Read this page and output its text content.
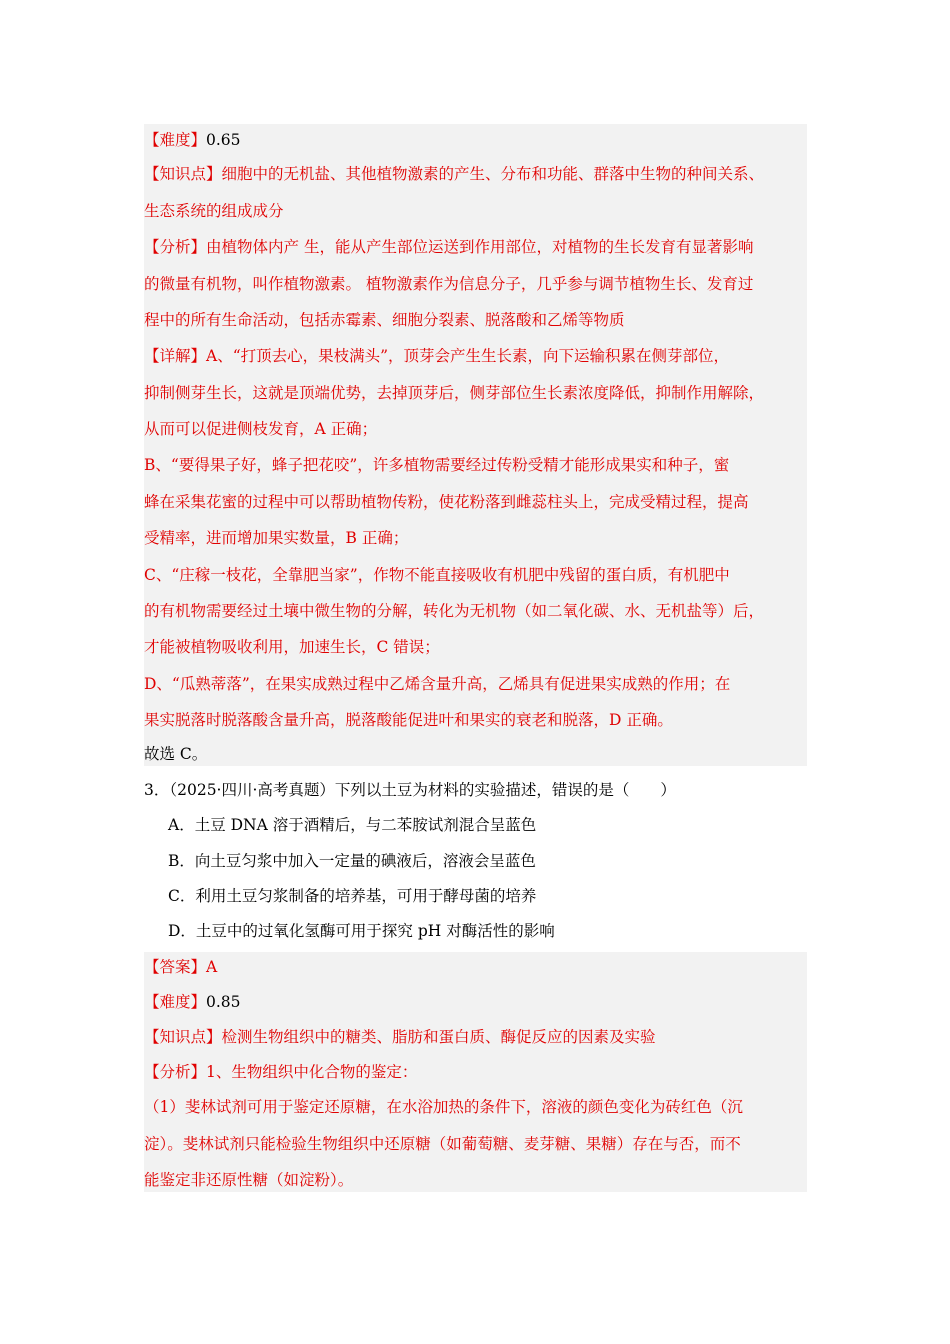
【难度】0.65
【知识点】细胞中的无机盐、其他植物激素的产生、分布和功能、群落中生物的种间关系、
生态系统的组成成分
【分析】由植物体内产 生，能从产生部位运送到作用部位，对植物的生长发育有显著影响
的微量有机物，叫作植物激素。 植物激素作为信息分子，几乎参与调节植物生长、发育过
程中的所有生命活动，包括赤霉素、细胞分裂素、脱落酸和乙烯等物质
【详解】A、“打顶去心，果枝满头”，顶芽会产生生长素，向下运输积累在侧芽部位，
抑制侧芽生长，这就是顶端优势，去掉顶芽后，侧芽部位生长素浓度降低，抑制作用解除，
从而可以促进侧枝发育，A 正确；
B、“要得果子好，蜂子把花咬”，许多植物需要经过传粉受精才能形成果实和种子，蜜
蜂在采集花蜜的过程中可以帮助植物传粉，使花粉落到雌蕊柱头上，完成受精过程，提高
受精率，进而增加果实数量，B 正确；
C、“庄稼一枝花，全靠肥当家”，作物不能直接吸收有机肥中残留的蛋白质，有机肥中
的有机物需要经过土壤中微生物的分解，转化为无机物（如二氧化碳、水、无机盐等）后，
才能被植物吸收利用，加速生长，C 错误；
D、“瓜熟蒂落”，在果实成熟过程中乙烯含量升高，乙烯具有促进果实成熟的作用；在
果实脱落时脱落酸含量升高，脱落酸能促进叶和果实的衰老和脱落，D 正确。
故选 C。
3．（2025·四川·高考真题）下列以土豆为材料的实验描述，错误的是（　　）
A．土豆 DNA 溶于酒精后，与二苯胺试剂混合呈蓝色
B．向土豆匀浆中加入一定量的碘液后，溶液会呈蓝色
C．利用土豆匀浆制备的培养基，可用于酵母菌的培养
D．土豆中的过氧化氢酶可用于探究 pH 对酶活性的影响
【答案】A
【难度】0.85
【知识点】检测生物组织中的糖类、脂肪和蛋白质、酶促反应的因素及实验
【分析】1、生物组织中化合物的鉴定：
（1）斐林试剂可用于鉴定还原糖，在水浴加热的条件下，溶液的颜色变化为砖红色（沉
淀）。斐林试剂只能检验生物组织中还原糖（如葡萄糖、麦芽糖、果糖）存在与否，而不
能鉴定非还原性糖（如淀粉）。
